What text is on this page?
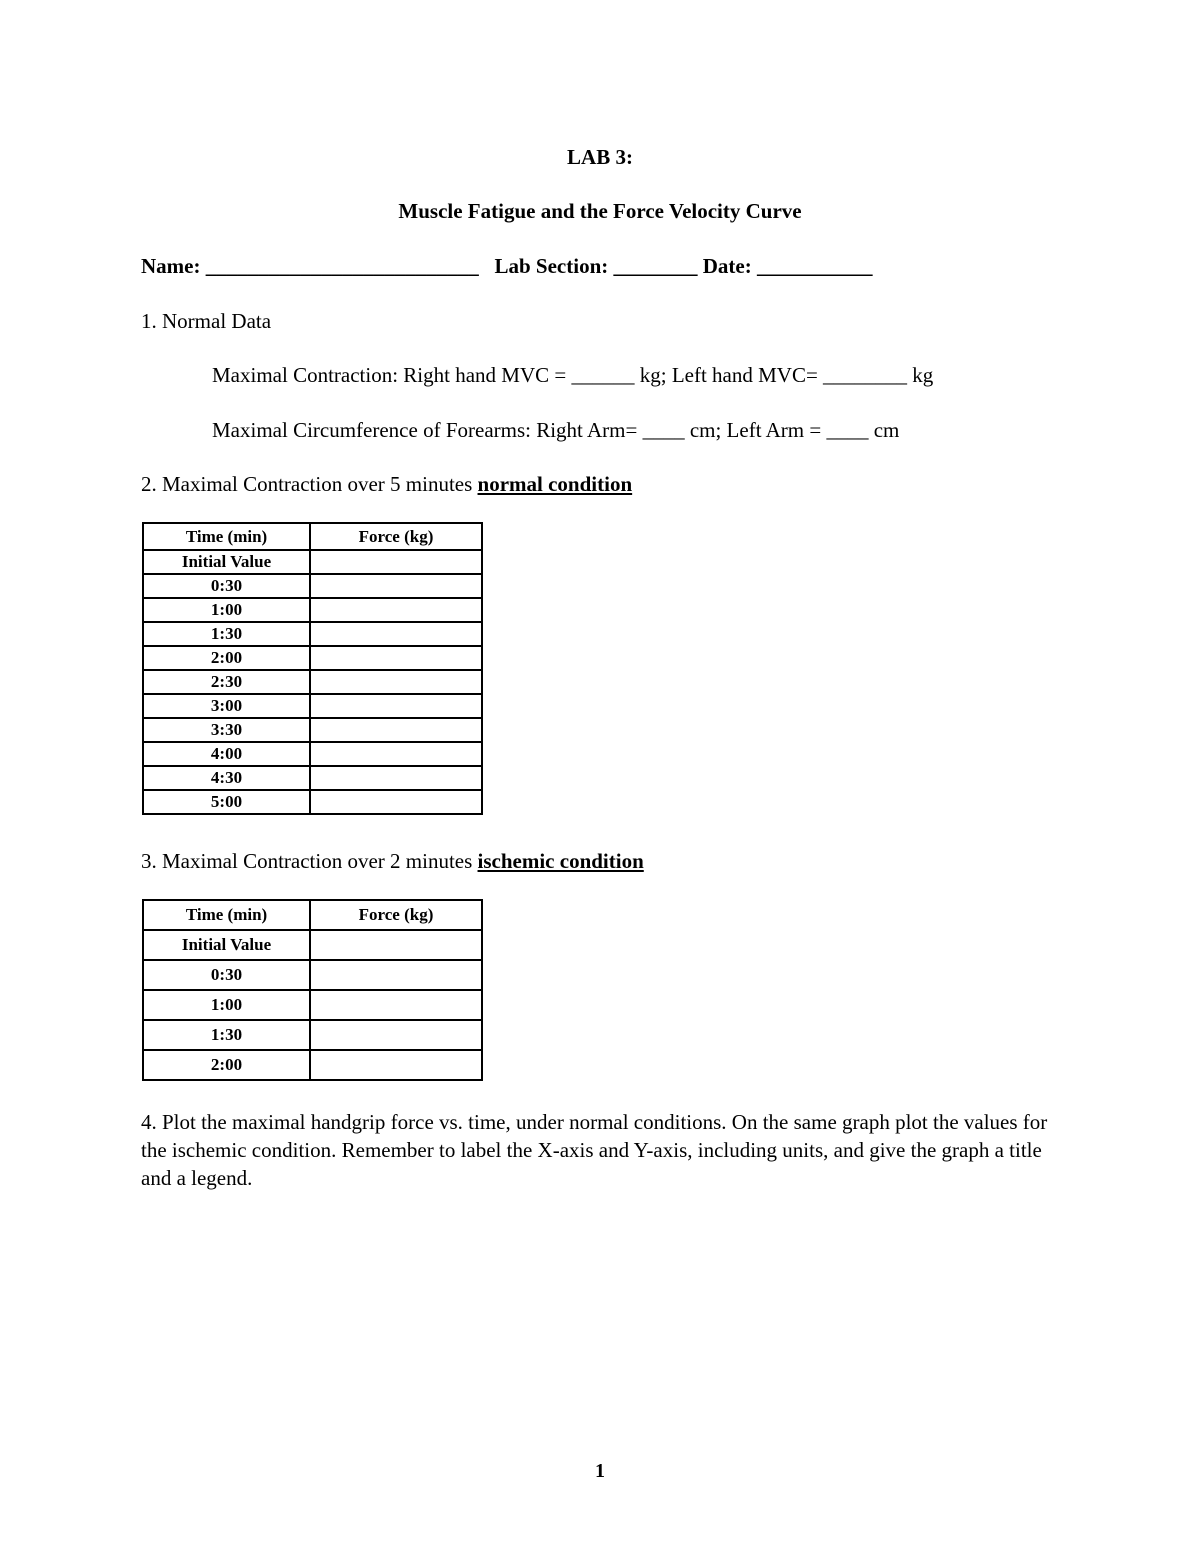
LAB 3:
Muscle Fatigue and the Force Velocity Curve
Name: __________________________ Lab Section: ________ Date: ___________
1. Normal Data
Maximal Contraction: Right hand MVC = ______ kg; Left hand MVC= ________ kg
Maximal Circumference of Forearms: Right Arm= ____ cm; Left Arm = ____ cm
2. Maximal Contraction over 5 minutes normal condition
Time (min)	Force (kg)
Initial Value	
0:30	
1:00	
1:30	
2:00	
2:30	
3:00	
3:30	
4:00	
4:30	
5:00	
3. Maximal Contraction over 2 minutes ischemic condition
Time (min)	Force (kg)
Initial Value	
0:30	
1:00	
1:30	
2:00	
4. Plot the maximal handgrip force vs. time, under normal conditions. On the same graph plot the values for the ischemic condition. Remember to label the X-axis and Y-axis, including units, and give the graph a title and a legend.
1
